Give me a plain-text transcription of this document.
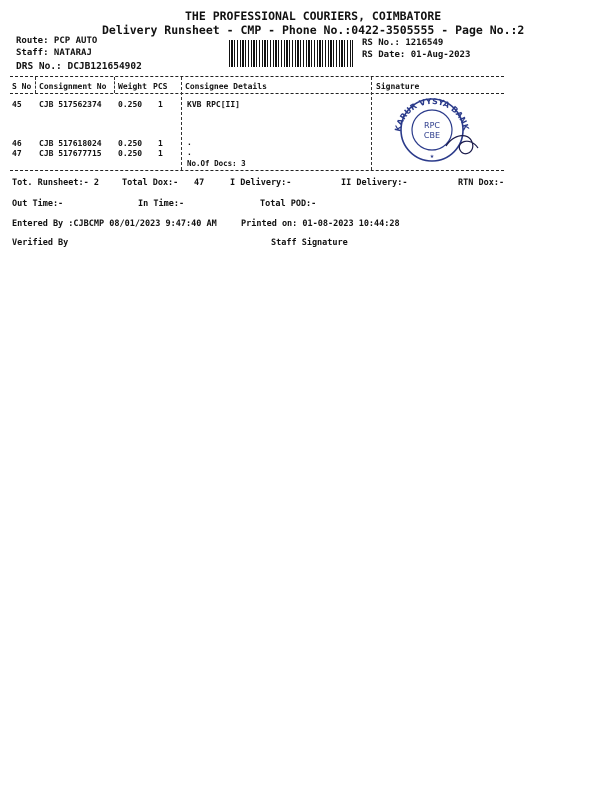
THE PROFESSIONAL COURIERS, COIMBATORE
Delivery Runsheet - CMP - Phone No.:0422-3505555 - Page No.:2
Route: PCP AUTO
Staff: NATARAJ
DRS No.: DCJB121654902
RS No.: 1216549
RS Date: 01-Aug-2023
S No Consignment No Weight PCS Consignee Details	Signature
45 CJB 517562374 0.250 1	KVB RPC[II]
46 CJB 517618024 0.250 1	.
47 CJB 517677715 0.250 1	.
No.Of Docs: 3
KARUR VYSYA BANK
RPC
CBE
★
Tot. Runsheet:- 2	Total Dox:- 47	I Delivery:-	II Delivery:-	RTN Dox:-
Out Time:-	In Time:-	Total POD:-
Entered By :CJBCMP 08/01/2023 9:47:40 AM	Printed on: 01-08-2023 10:44:28
Verified By	Staff Signature
